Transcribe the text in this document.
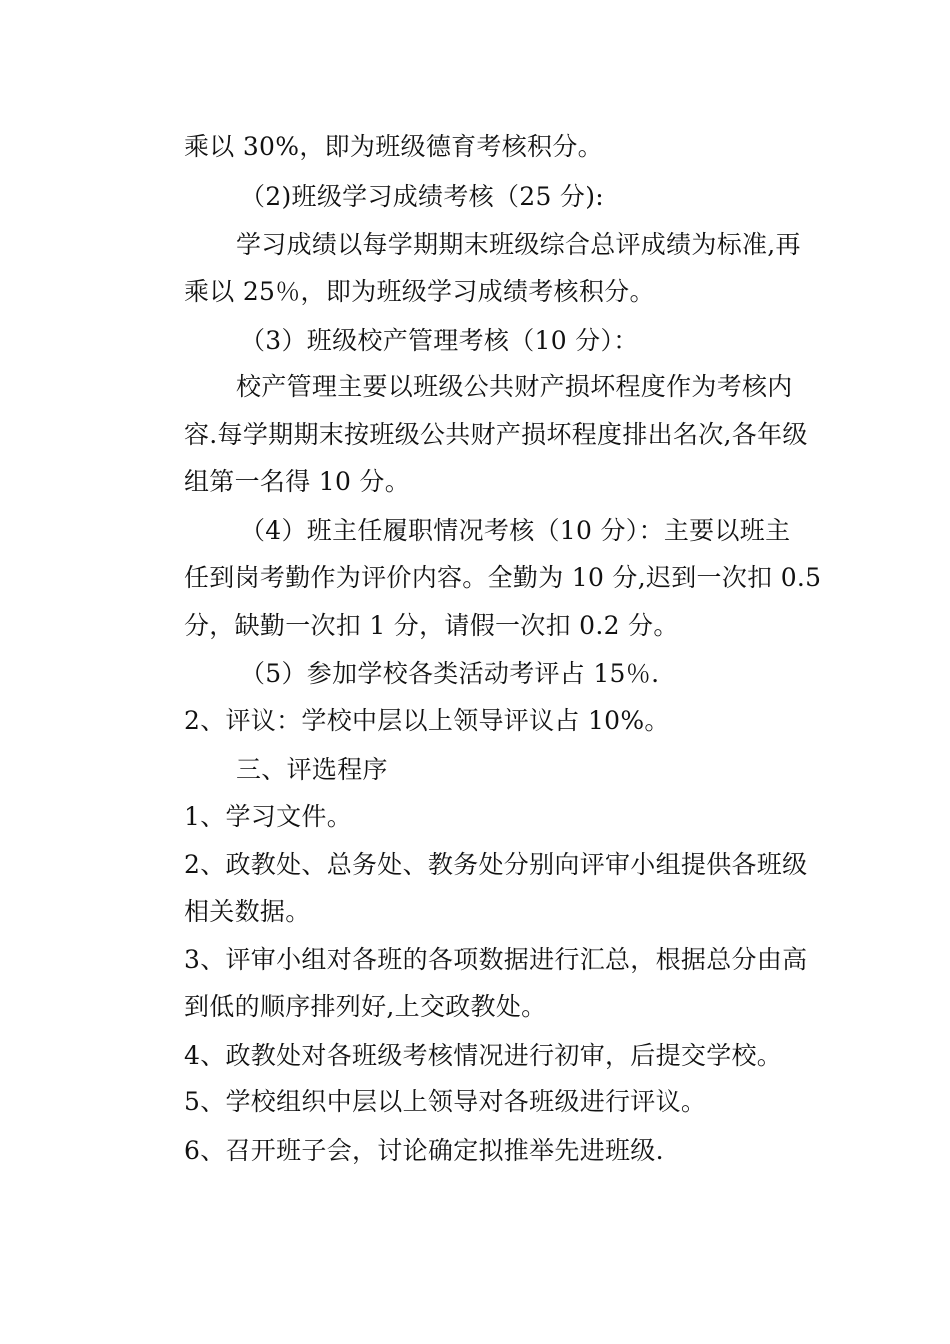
乘以 30%，即为班级德育考核积分。
（2)班级学习成绩考核（25 分):
学习成绩以每学期期末班级综合总评成绩为标准,再
乘以 25％，即为班级学习成绩考核积分。
（3）班级校产管理考核（10 分）：
校产管理主要以班级公共财产损坏程度作为考核内
容.每学期期末按班级公共财产损坏程度排出名次,各年级
组第一名得 10 分。
（4）班主任履职情况考核（10 分）：主要以班主
任到岗考勤作为评价内容。全勤为 10 分,迟到一次扣 0.5
分，缺勤一次扣 1 分，请假一次扣 0.2 分。
（5）参加学校各类活动考评占 15％.
2、评议：学校中层以上领导评议占 10%。
三、评选程序
1、学习文件。
2、政教处、总务处、教务处分别向评审小组提供各班级
相关数据。
3、评审小组对各班的各项数据进行汇总，根据总分由高
到低的顺序排列好,上交政教处。
4、政教处对各班级考核情况进行初审，后提交学校。
5、学校组织中层以上领导对各班级进行评议。
6、召开班子会，讨论确定拟推举先进班级.
